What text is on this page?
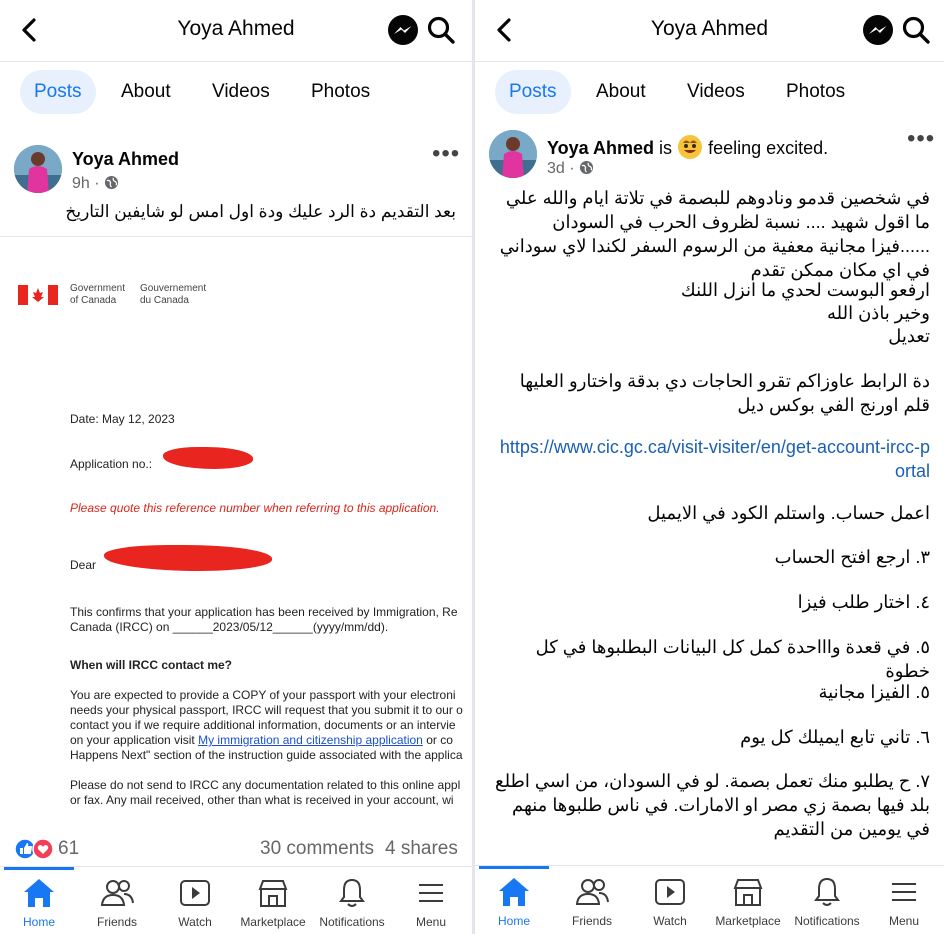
Yoya Ahmed
Posts	About	Videos	Photos
Yoya Ahmed
9h ·
•••
بعد التقديم دة الرد عليك ودة اول امس لو شايفين التاريخ
Government
of Canada
Gouvernement
du Canada
Date: May 12, 2023
Application no.:
Please quote this reference number when referring to this application.
Dear
This confirms that your application has been received by Immigration, Re
Canada (IRCC) on ______2023/05/12______(yyyy/mm/dd).
When will IRCC contact me?
You are expected to provide a COPY of your passport with your electroni
needs your physical passport, IRCC will request that you submit it to our o
contact you if we require additional information, documents or an intervie
on your application visit My immigration and citizenship application or co
Happens Next" section of the instruction guide associated with the applica
Please do not send to IRCC any documentation related to this online appl
or fax. Any mail received, other than what is received in your account, wi
61	30 comments 4 shares
Home	Friends	Watch	Marketplace	Notifications	Menu
Yoya Ahmed
Posts	About	Videos	Photos
Yoya Ahmed is feeling excited.
3d ·
•••
في شخصين قدمو ونادوهم للبصمة في تلاتة ايام والله علي ما اقول شهيد .... نسبة لظروف الحرب في السودان ......فيزا مجانية معفية من الرسوم السفر لكندا لاي سوداني في اي مكان ممكن تقدم
ارفعو البوست لحدي ما انزل اللنك
وخير باذن الله
تعديل
دة الرابط عاوزاكم تقرو الحاجات دي بدقة واختارو العليها قلم اورنج الفي بوكس ديل
https://www.cic.gc.ca/visit-visiter/en/get-account-ircc-portal
اعمل حساب. واستلم الكود في الايميل
٣. ارجع افتح الحساب
٤. اختار طلب فيزا
٥. في قعدة واااحدة كمل كل البيانات البطلبوها في كل خطوة
٥. الفيزا مجانية
٦. تاني تابع ايميلك كل يوم
٧. ح يطلبو منك تعمل بصمة. لو في السودان، من اسي اطلع بلد فيها بصمة زي مصر او الامارات. في ناس طلبوها منهم في يومين من التقديم
Home	Friends	Watch	Marketplace	Notifications	Menu
